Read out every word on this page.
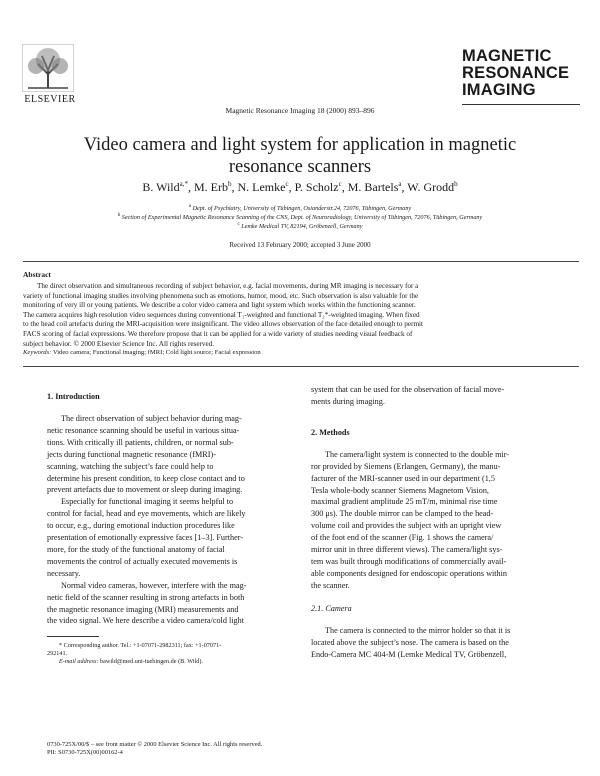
ELSEVIER
Magnetic Resonance Imaging 18 (2000) 893–896
MAGNETIC
RESONANCE
IMAGING
Video camera and light system for application in magnetic
resonance scanners
B. Wild$^{a,*}$, M. Erb$^b$, N. Lemke$^c$, P. Scholz$^c$, M. Bartels$^a$, W. Grodd$^b$
$^a$ Dept. of Psychiatry, University of Tübingen, Osianderstr.24, 72076, Tübingen, Germany
$^b$ Section of Experimental Magnetic Resonance Scanning of the CNS, Dept. of Neuroradiology, University of Tübingen, 72076, Tübingen, Germany
$^c$ Lemke Medical TV, 82194, Gröbenzell, Germany
Received 13 February 2000; accepted 3 June 2000
Abstract
The direct observation and simultaneous recording of subject behavior, e.g. facial movements, during MR imaging is necessary for a
variety of functional imaging studies involving phenomena such as emotions, humor, mood, etc. Such observation is also valuable for the
monitoring of very ill or young patients. We describe a color video camera and light system which works within the functioning scanner.
The camera acquires high resolution video sequences during conventional T₁-weighted and functional T₂*-weighted imaging. When fixed
to the head coil artefacts during the MRI-acquisition were insignificant. The video allows observation of the face detailed enough to permit
FACS scoring of facial expressions. We therefore propose that it can be applied for a wide variety of studies needing visual feedback of
subject behavior. © 2000 Elsevier Science Inc. All rights reserved.
Keywords: Video camera; Functional imaging; fMRI; Cold light source; Facial expression
1. Introduction
The direct observation of subject behavior during mag-
netic resonance scanning should be useful in various situa-
tions. With critically ill patients, children, or normal sub-
jects during functional magnetic resonance (fMRI)-
scanning, watching the subject’s face could help to
determine his present condition, to keep close contact and to
prevent artefacts due to movement or sleep during imaging.
Especially for functional imaging it seems helpful to
control for facial, head and eye movements, which are likely
to occur, e.g., during emotional induction procedures like
presentation of emotionally expressive faces [1–3]. Further-
more, for the study of the functional anatomy of facial
movements the control of actually executed movements is
necessary.
Normal video cameras, however, interfere with the mag-
netic field of the scanner resulting in strong artefacts in both
the magnetic resonance imaging (MRI) measurements and
the video signal. We here describe a video camera/cold light
* Corresponding author. Tel.: +1-07071-2982311; fax: +1-07071-
292141.
E-mail address: bawild@med.uni-tuebingen.de (B. Wild).
system that can be used for the observation of facial move-
ments during imaging.
2. Methods
The camera/light system is connected to the double mir-
ror provided by Siemens (Erlangen, Germany), the manu-
facturer of the MRI-scanner used in our department (1,5
Tesla whole-body scanner Siemens Magnetom Vision,
maximal gradient amplitude 25 mT/m, minimal rise time
300 μs). The double mirror can be clamped to the head-
volume coil and provides the subject with an upright view
of the foot end of the scanner (Fig. 1 shows the camera/
mirror unit in three different views). The camera/light sys-
tem was built through modifications of commercially avail-
able components designed for endoscopic operations within
the scanner.
2.1. Camera
The camera is connected to the mirror holder so that it is
located above the subject’s nose. The camera is based on the
Endo-Camera MC 404-M (Lemke Medical TV, Gröbenzell,
0730-725X/00/$ – see front matter © 2000 Elsevier Science Inc. All rights reserved.
PII: S0730-725X(00)00162-4
